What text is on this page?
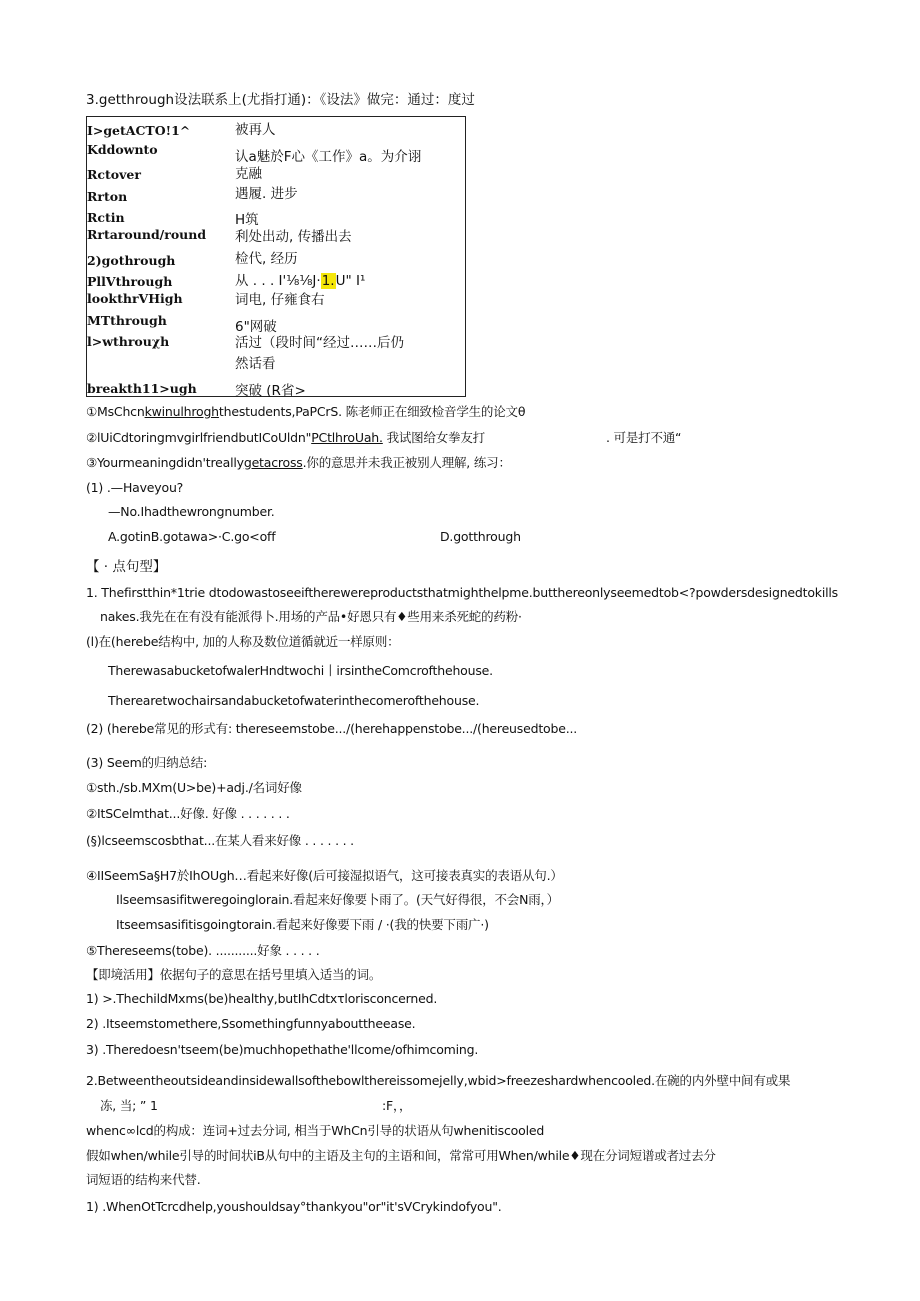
3.getthrough设法联系上(尤指打通)：《设法》做完：通过：度过
I>getACTO!1^	被再人
Kddownto	认a魅於F心《工作》a。为介诩
Rctover	克融
Rrton	遇履. 进步
Rctin	H筑
Rrtaround/round 利处出动, 传播出去
2)gothrough	检代, 经历
PllVthrough	从 . . . I'⅛⅛J·1.U" I¹
lookthrVHigh	词电, 仔雍食右
MTthrough	6"网破
l>wthrouχh	活过（段时间“经过……后仍
然话看
breakth11>ugh	突破 (R省>
①MsChcnkwinulhroghthestudents,PaPCrS. 陈老师正在细致检音学生的论文θ
②lUiCdtoringmvgirlfriendbutICoUldn"PCtlhroUah. 我试图给女拳友打	. 可是打不通“
③Yourmeaningdidn'treallygetacross.你的意思并未我正被别人理解, 练习：
(1) .—Haveyou?
—No.Ihadthewrongnumber.
A.gotinB.gotawa>·C.go<off	D.gotthrough
【 · 点句型】
1. Thefirstthin*1trie dtodowastoseeiftherewereproductsthatmighthelpme.butthereonlyseemedtob<?powdersdesignedtokills
nakes.我先在在有没有能派得卜.用场的产品•好恩只有♦些用来杀死蛇的药粉·
(l)在(herebe结构中, 加的人称及数位道循就近一样原则：
TherewasabucketofwalerHndtwochi丨irsintheComcrofthehouse.
Therearetwochairsandabucketofwaterinthecomerofthehouse.
(2) (herebe常见的形式有: thereseemstobe.../(herehappenstobe.../(hereusedtobe...
(3) Seem的归纳总结:
①sth./sb.MXm(U>be)+adj./名词好像
②ItSCelmthat...好像. 好像 . . . . . . .
(§)lcseemscosbthat...在某人看来好像 . . . . . . .
④IISeemSa§H7於IhOUgh…看起来好像(后可接湿拟语气，这可接表真实的表语从句.）
Ilseemsasifitweregoinglorain.看起来好像要卜雨了。(天气好得很，不会N雨，）
Itseemsasifitisgoingtorain.看起来好像要下雨 / ·(我的快要下雨广·)
⑤Thereseems(tobe). ...........好象 . . . . .
【即境活用】依据句子的意思在括号里填入适当的词。
1) >.ThechildMxms(be)healthy,butIhCdtxτlorisconcerned.
2) .Itseemstomethere,Ssomethingfunnyabouttheease.
3) .Theredoesn'tseem(be)muchhopethathe'llcome/ofhimcoming.
2.Betweentheoutsideandinsidewallsofthebowlthereissomejelly,wbid>freezeshardwhencooled.在碗的内外壁中间有或果
冻, 当; ” 1	:F，，
whenc∞lcd的构成：连词+过去分词, 相当于WhCn引导的状语从句whenitiscooled
假如when/while引导的时间状iB从句中的主语及主句的主语和间，常常可用When/while♦现在分词短谱或者过去分
词短语的结构来代替.
1) .WhenOtTcrcdhelp,youshouldsay°thankyou"or"it'sVCrykindofyou".
